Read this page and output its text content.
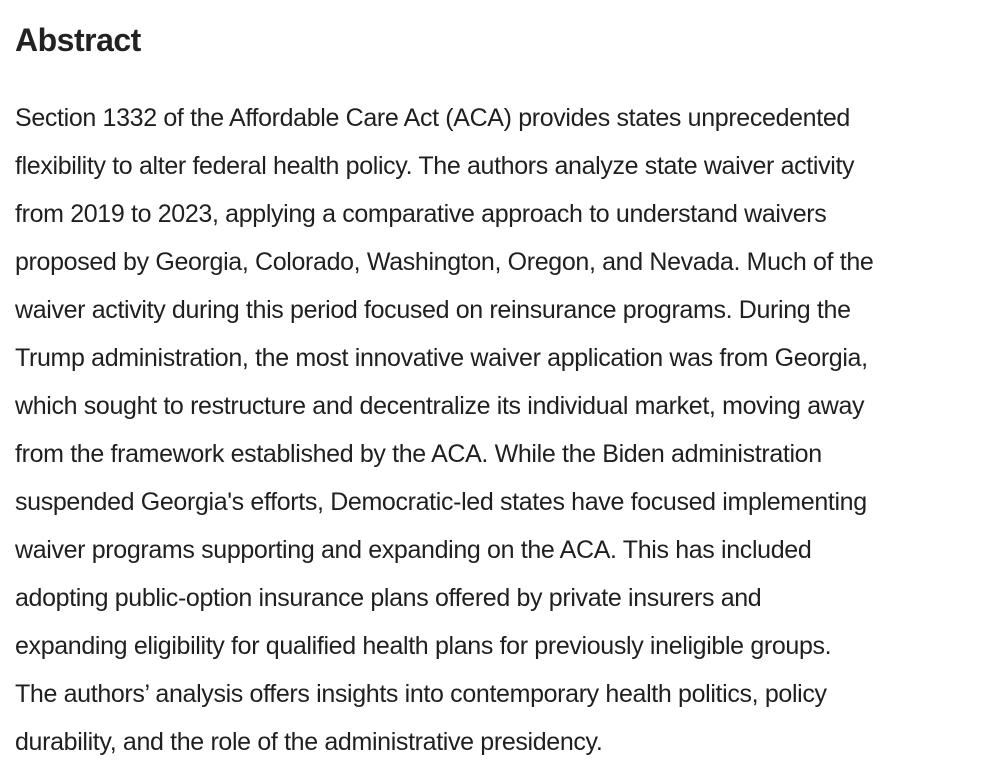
Abstract
Section 1332 of the Affordable Care Act (ACA) provides states unprecedented
flexibility to alter federal health policy. The authors analyze state waiver activity
from 2019 to 2023, applying a comparative approach to understand waivers
proposed by Georgia, Colorado, Washington, Oregon, and Nevada. Much of the
waiver activity during this period focused on reinsurance programs. During the
Trump administration, the most innovative waiver application was from Georgia,
which sought to restructure and decentralize its individual market, moving away
from the framework established by the ACA. While the Biden administration
suspended Georgia's efforts, Democratic-led states have focused implementing
waiver programs supporting and expanding on the ACA. This has included
adopting public-option insurance plans offered by private insurers and
expanding eligibility for qualified health plans for previously ineligible groups.
The authors’ analysis offers insights into contemporary health politics, policy
durability, and the role of the administrative presidency.
